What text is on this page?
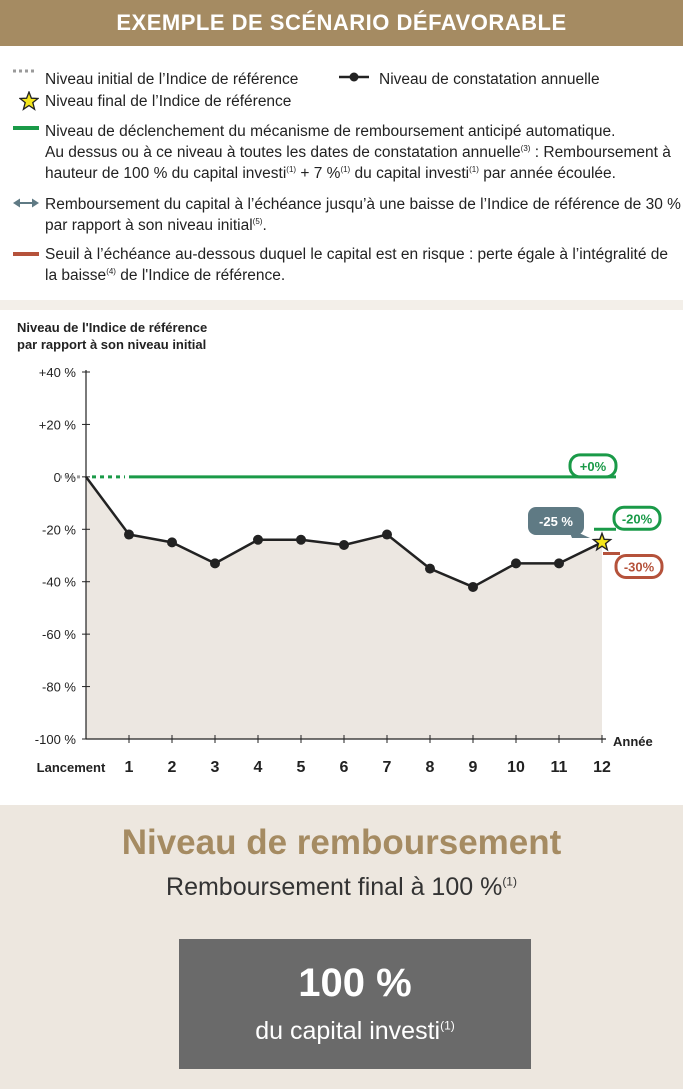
EXEMPLE DE SCÉNARIO DÉFAVORABLE
Niveau initial de l’Indice de référence	Niveau de constatation annuelle
Niveau final de l’Indice de référence
Niveau de déclenchement du mécanisme de remboursement anticipé automatique.
Au dessus ou à ce niveau à toutes les dates de constatation annuelle$^{(3)}$ : Remboursement à
hauteur de 100 % du capital investi$^{(1)}$ + 7 %$^{(1)}$ du capital investi$^{(1)}$ par année écoulée.
Remboursement du capital à l’échéance jusqu’à une baisse de l’Indice de référence de 30 %
par rapport à son niveau initial$^{(5)}$.
Seuil à l’échéance au-dessous duquel le capital est en risque : perte égale à l’intégralité de
la baisse$^{(4)}$ de l'Indice de référence.
Niveau de l'Indice de référence
par rapport à son niveau initial
+40 %
+20 %
0 %
-20 %
-40 %
-60 %
-80 %
-100 %
+0%
-20%
-30%
-25 %
1 2 3 4 5 6 7 8 9 10 11 12
Lancement
Année
Niveau de remboursement
Remboursement final à 100 %$^{(1)}$
100 %
du capital investi$^{(1)}$
